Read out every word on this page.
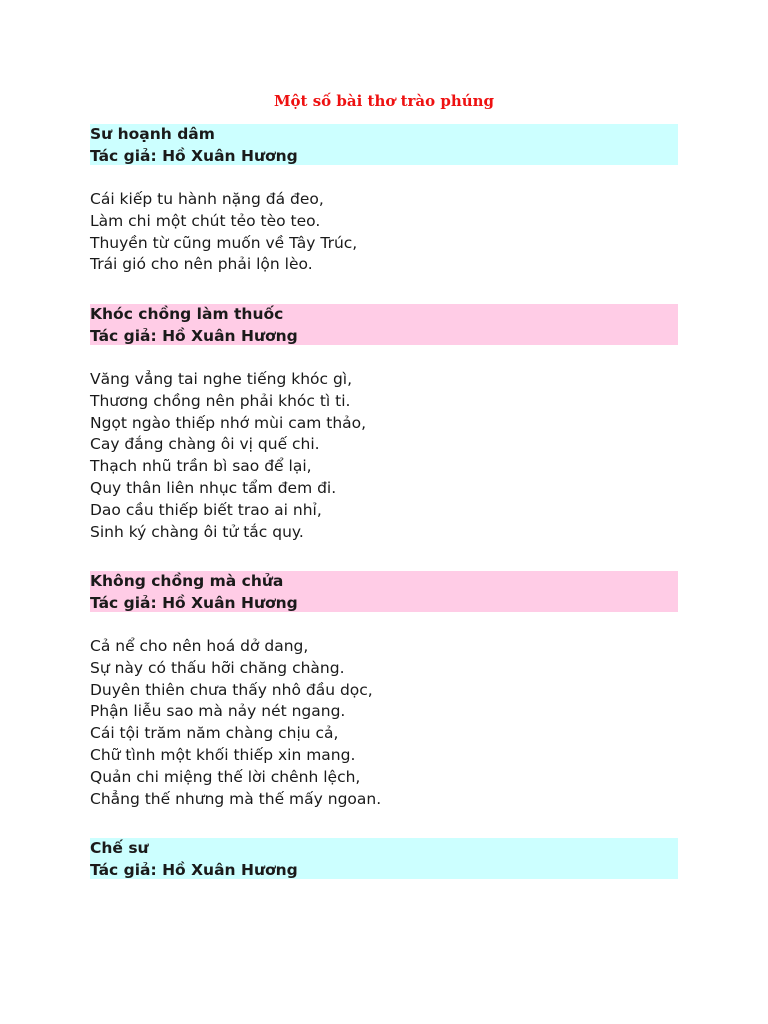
Một số bài thơ trào phúng
Sư hoạnh dâm
Tác giả: Hồ Xuân Hương
Cái kiếp tu hành nặng đá đeo,
Làm chi một chút tẻo tèo teo.
Thuyền từ cũng muốn về Tây Trúc,
Trái gió cho nên phải lộn lèo.
Khóc chồng làm thuốc
Tác giả: Hồ Xuân Hương
Văng vẳng tai nghe tiếng khóc gì,
Thương chồng nên phải khóc tì ti.
Ngọt ngào thiếp nhớ mùi cam thảo,
Cay đắng chàng ôi vị quế chi.
Thạch nhũ trần bì sao để lại,
Quy thân liên nhục tẩm đem đi.
Dao cầu thiếp biết trao ai nhỉ,
Sinh ký chàng ôi tử tắc quy.
Không chồng mà chửa
Tác giả: Hồ Xuân Hương
Cả nể cho nên hoá dở dang,
Sự này có thấu hỡi chăng chàng.
Duyên thiên chưa thấy nhô đầu dọc,
Phận liễu sao mà nảy nét ngang.
Cái tội trăm năm chàng chịu cả,
Chữ tình một khối thiếp xin mang.
Quản chi miệng thế lời chênh lệch,
Chẳng thế nhưng mà thế mấy ngoan.
Chế sư
Tác giả: Hồ Xuân Hương
